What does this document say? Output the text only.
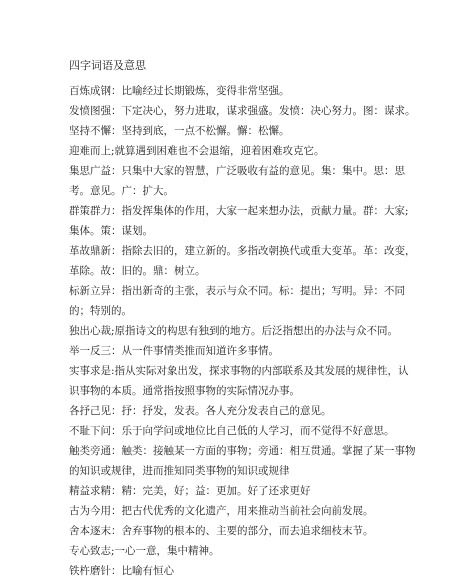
四字词语及意思
百炼成钢：比喻经过长期锻炼，变得非常坚强。
发愤图强：下定决心，努力进取，谋求强盛。发愤：决心努力。图：谋求。
坚持不懈：坚持到底，一点不松懈。懈：松懈。
迎难而上;就算遇到困难也不会退缩，迎着困难攻克它。
集思广益：只集中大家的智慧，广泛吸收有益的意见。集：集中。思：思考。意见。广：扩大。
群策群力：指发挥集体的作用，大家一起来想办法，贡献力量。群：大家;集体。策：谋划。
革故鼎新：指除去旧的，建立新的。多指改朝换代或重大变革。革：改变，革除。故：旧的。鼎：树立。
标新立异：指出新奇的主张，表示与众不同。标：提出；写明。异：不同的；特别的。
独出心裁;原指诗文的构思有独到的地方。后泛指想出的办法与众不同。
举一反三：从一件事情类推而知道许多事情。
实事求是:指从实际对象出发，探求事物的内部联系及其发展的规律性，认识事物的本质。通常指按照事物的实际情况办事。
各抒己见：抒：抒发，发表。各人充分发表自己的意见。
不耻下问：乐于向学问或地位比自己低的人学习，而不觉得不好意思。
触类旁通：触类：接触某一方面的事物；旁通：相互贯通。掌握了某一事物的知识或规律，进而推知同类事物的知识或规律
精益求精：精：完美，好；益：更加。好了还求更好
古为今用：把古代优秀的文化遗产，用来推动当前社会向前发展。
舍本逐末：舍弃事物的根本的、主要的部分，而去追求细枝末节。
专心致志;一心一意，集中精神。
铁杵磨针：比喻有恒心
